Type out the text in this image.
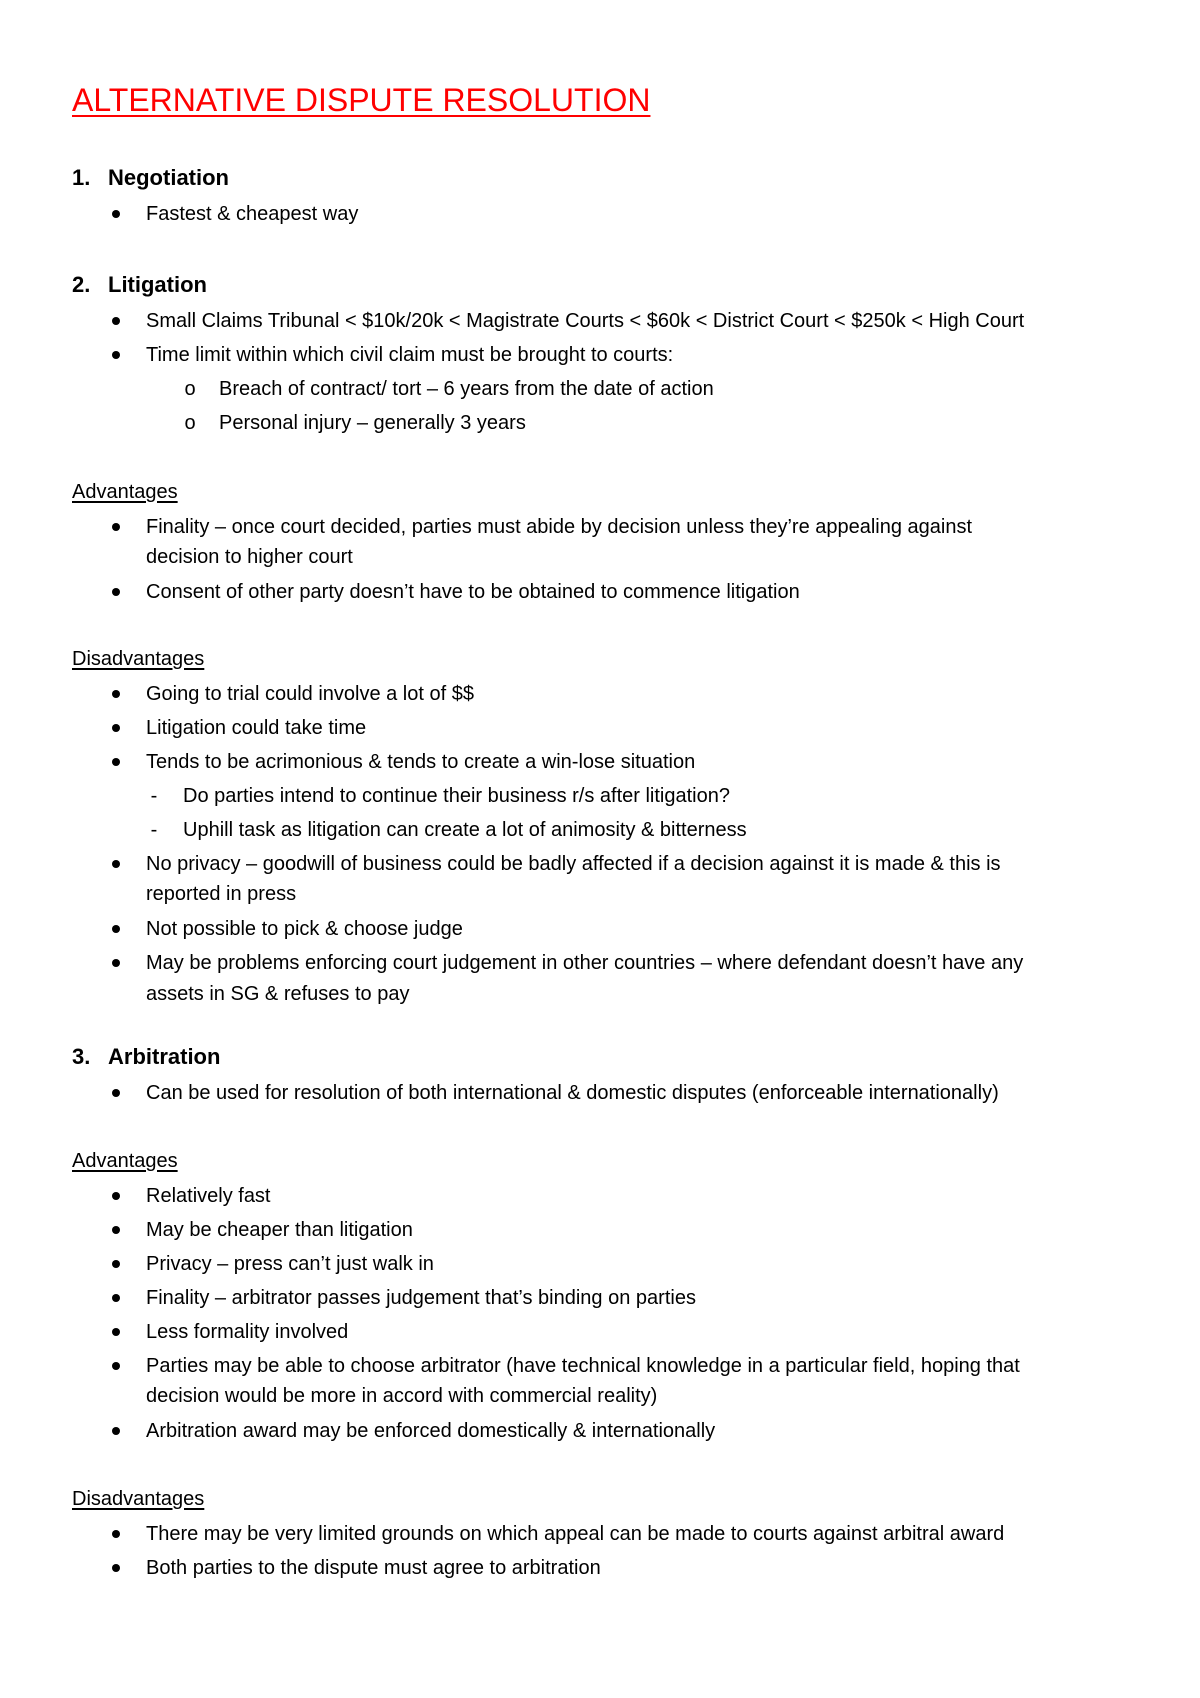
ALTERNATIVE DISPUTE RESOLUTION
1. Negotiation
Fastest & cheapest way
2. Litigation
Small Claims Tribunal < $10k/20k < Magistrate Courts < $60k < District Court < $250k < High Court
Time limit within which civil claim must be brought to courts:
o Breach of contract/ tort – 6 years from the date of action
o Personal injury – generally 3 years
Advantages
Finality – once court decided, parties must abide by decision unless they’re appealing against
decision to higher court
Consent of other party doesn’t have to be obtained to commence litigation
Disadvantages
Going to trial could involve a lot of $$
Litigation could take time
Tends to be acrimonious & tends to create a win-lose situation
-	Do parties intend to continue their business r/s after litigation?
-	Uphill task as litigation can create a lot of animosity & bitterness
No privacy – goodwill of business could be badly affected if a decision against it is made & this is
reported in press
Not possible to pick & choose judge
May be problems enforcing court judgement in other countries – where defendant doesn’t have any
assets in SG & refuses to pay
3. Arbitration
Can be used for resolution of both international & domestic disputes (enforceable internationally)
Advantages
Relatively fast
May be cheaper than litigation
Privacy – press can’t just walk in
Finality – arbitrator passes judgement that’s binding on parties
Less formality involved
Parties may be able to choose arbitrator (have technical knowledge in a particular field, hoping that
decision would be more in accord with commercial reality)
Arbitration award may be enforced domestically & internationally
Disadvantages
There may be very limited grounds on which appeal can be made to courts against arbitral award
Both parties to the dispute must agree to arbitration
